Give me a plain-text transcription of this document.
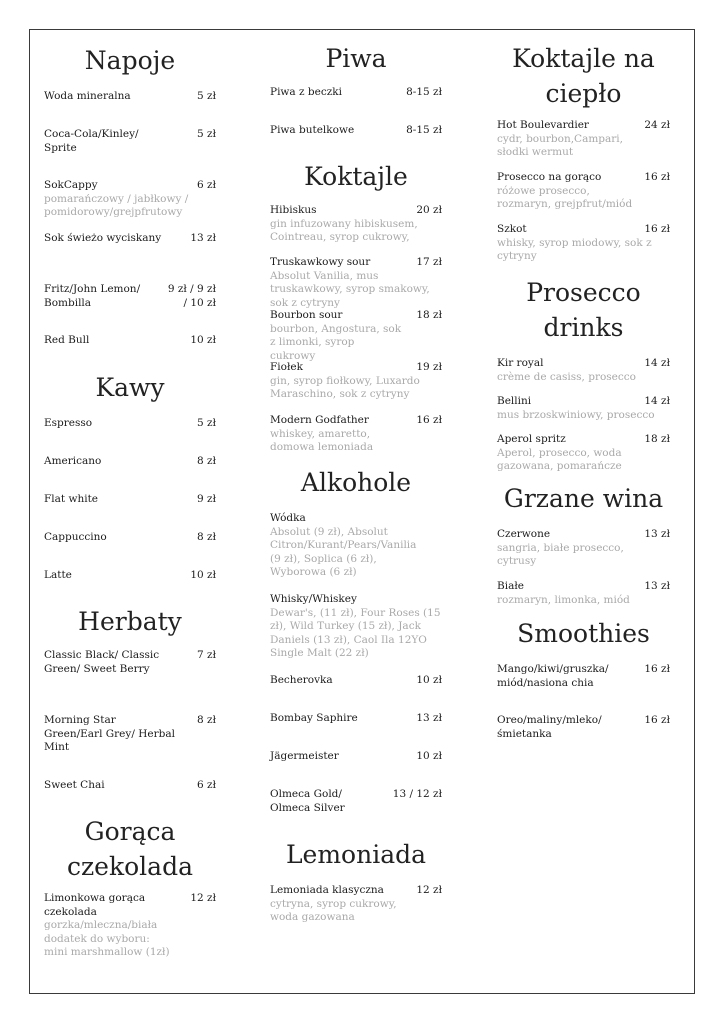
Napoje
Woda mineralna	5 zł
Coca-Cola/Kinley/ Sprite
5 zł
SokCappy	6 zł
pomarańczowy / jabłkowy / pomidorowy/grejpfrutowy
Sok świeżo wyciskany	13 zł
Fritz/John Lemon/ Bombilla
9 zł / 9 zł / 10 zł
Red Bull	10 zł
Kawy
Espresso	5 zł
Americano	8 zł
Flat white	9 zł
Cappuccino	8 zł
Latte	10 zł
Herbaty
Classic Black/ Classic Green/ Sweet Berry
7 zł
Morning Star Green/Earl Grey/ Herbal Mint
8 zł
Sweet Chai	6 zł
Gorąca czekolada
Limonkowa gorąca czekolada
12 zł
gorzka/mleczna/biała dodatek do wyboru: mini marshmallow (1zł)
Piwa
Piwa z beczki	8-15 zł
Piwa butelkowe	8-15 zł
Koktajle
Hibiskus	20 zł
gin infuzowany hibiskusem, Cointreau, syrop cukrowy,
Truskawkowy sour	17 zł
Absolut Vanilia, mus truskawkowy, syrop smakowy, sok z cytryny
Bourbon sour	18 zł
bourbon, Angostura, sok z limonki, syrop cukrowy
Fiołek	19 zł
gin, syrop fiołkowy, Luxardo Maraschino, sok z cytryny
Modern Godfather	16 zł
whiskey, amaretto, domowa lemoniada
Alkohole
Wódka
Absolut (9 zł), Absolut Citron/Kurant/Pears/Vanilia (9 zł), Soplica (6 zł), Wyborowa (6 zł)
Whisky/Whiskey
Dewar's, (11 zł), Four Roses (15 zł), Wild Turkey (15 zł), Jack Daniels (13 zł), Caol Ila 12YO Single Malt (22 zł)
Becherovka	10 zł
Bombay Saphire	13 zł
Jägermeister	10 zł
Olmeca Gold/ Olmeca Silver
13 / 12 zł
Lemoniada
Lemoniada klasyczna	12 zł
cytryna, syrop cukrowy, woda gazowana
Koktajle na ciepło
Hot Boulevardier	24 zł
cydr, bourbon,Campari, słodki wermut
Prosecco na gorąco	16 zł
różowe prosecco, rozmaryn, grejpfrut/miód
Szkot	16 zł
whisky, syrop miodowy, sok z cytryny
Prosecco drinks
Kir royal	14 zł
crème de casiss, prosecco
Bellini	14 zł
mus brzoskwiniowy, prosecco
Aperol spritz	18 zł
Aperol, prosecco, woda gazowana, pomarańcze
Grzane wina
Czerwone	13 zł
sangria, białe prosecco, cytrusy
Białe	13 zł
rozmaryn, limonka, miód
Smoothies
Mango/kiwi/gruszka/ miód/nasiona chia
16 zł
Oreo/maliny/mleko/ śmietanka
16 zł
